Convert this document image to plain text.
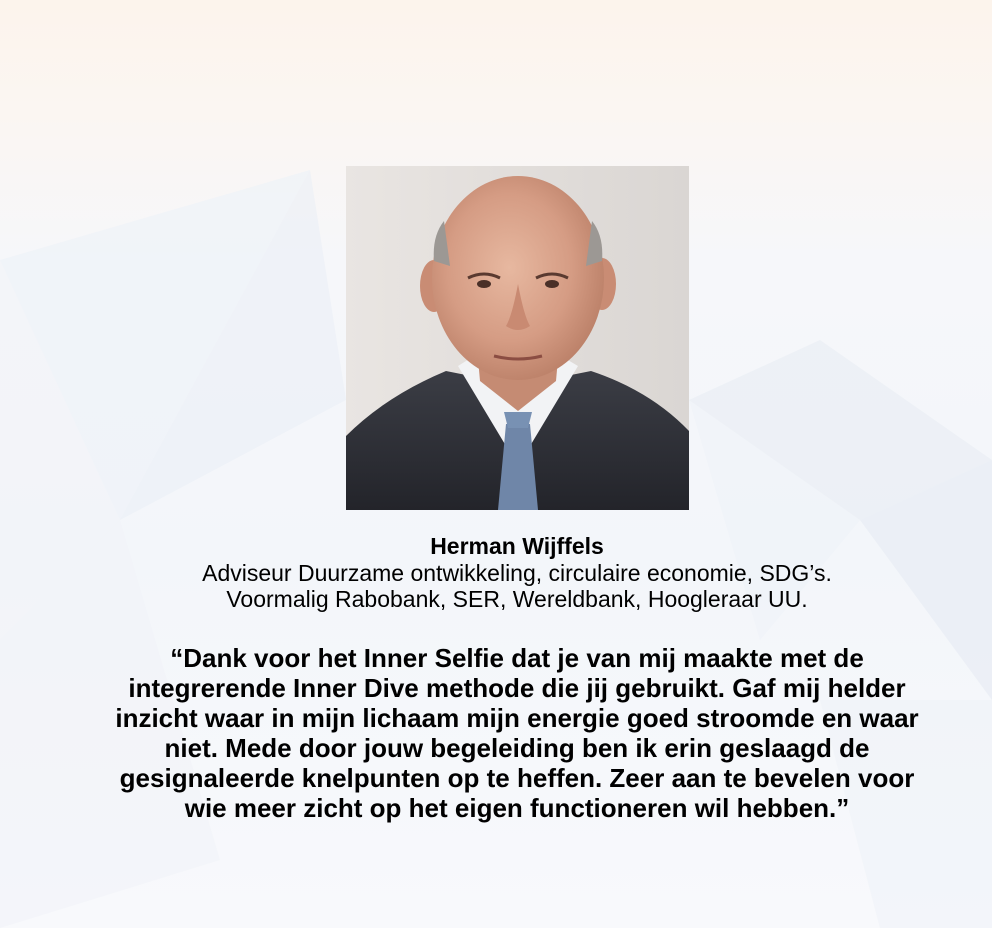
Herman Wijffels
Adviseur Duurzame ontwikkeling, circulaire economie, SDG’s.
Voormalig Rabobank, SER, Wereldbank, Hoogleraar UU.
“Dank voor het Inner Selfie dat je van mij maakte met de integrerende Inner Dive methode die jij gebruikt. Gaf mij helder inzicht waar in mijn lichaam mijn energie goed stroomde en waar niet. Mede door jouw begeleiding ben ik erin geslaagd de gesignaleerde knelpunten op te heffen. Zeer aan te bevelen voor wie meer zicht op het eigen functioneren wil hebben.”
